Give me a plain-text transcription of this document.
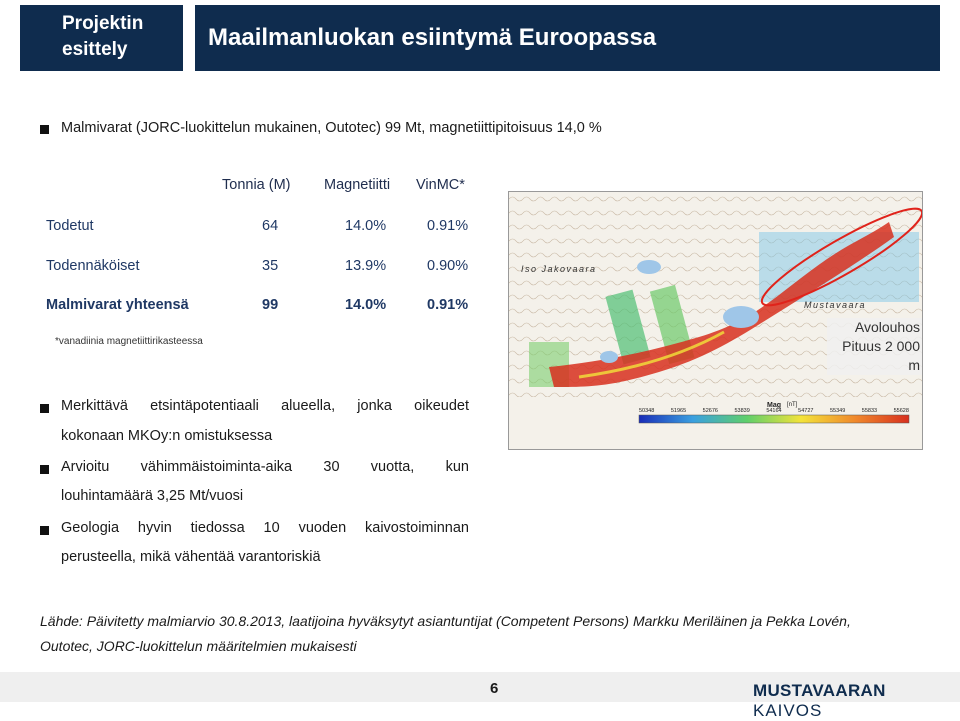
Projektin
esittely	Maailmanluokan esiintymä Euroopassa
Malmivarat (JORC-luokittelun mukainen, Outotec) 99 Mt, magnetiittipitoisuus 14,0 %
Tonnia (M) Magnetiitti VinMC*
Todetut	64	14.0%	0.91%
Todennäköiset	35	13.9%	0.90%
Malmivarat yhteensä	99	14.0%	0.91%
*vanadiinia magnetiittirikasteessa
Merkittävä etsintäpotentiaali alueella, jonka oikeudet
kokonaan MKOy:n omistuksessa
Arvioitu vähimmäistoiminta-aika 30 vuotta, kun
louhintamäärä 3,25 Mt/vuosi
Geologia hyvin tiedossa 10 vuoden kaivostoiminnan
perusteella, mikä vähentää varantoriskiä
Iso Jakovaara
Mustavaara
Avolouhos
Pituus 2 000 m
Mag [nT]
50348	51965	52676	53839	54164	54727	55349	55833	55628
Lähde: Päivitetty malmiarvio 30.8.2013, laatijoina hyväksytyt asiantuntijat (Competent Persons) Markku Meriläinen ja Pekka Lovén,
Outotec, JORC-luokittelun määritelmien mukaisesti
6	MUSTAVAARAN KAIVOS
